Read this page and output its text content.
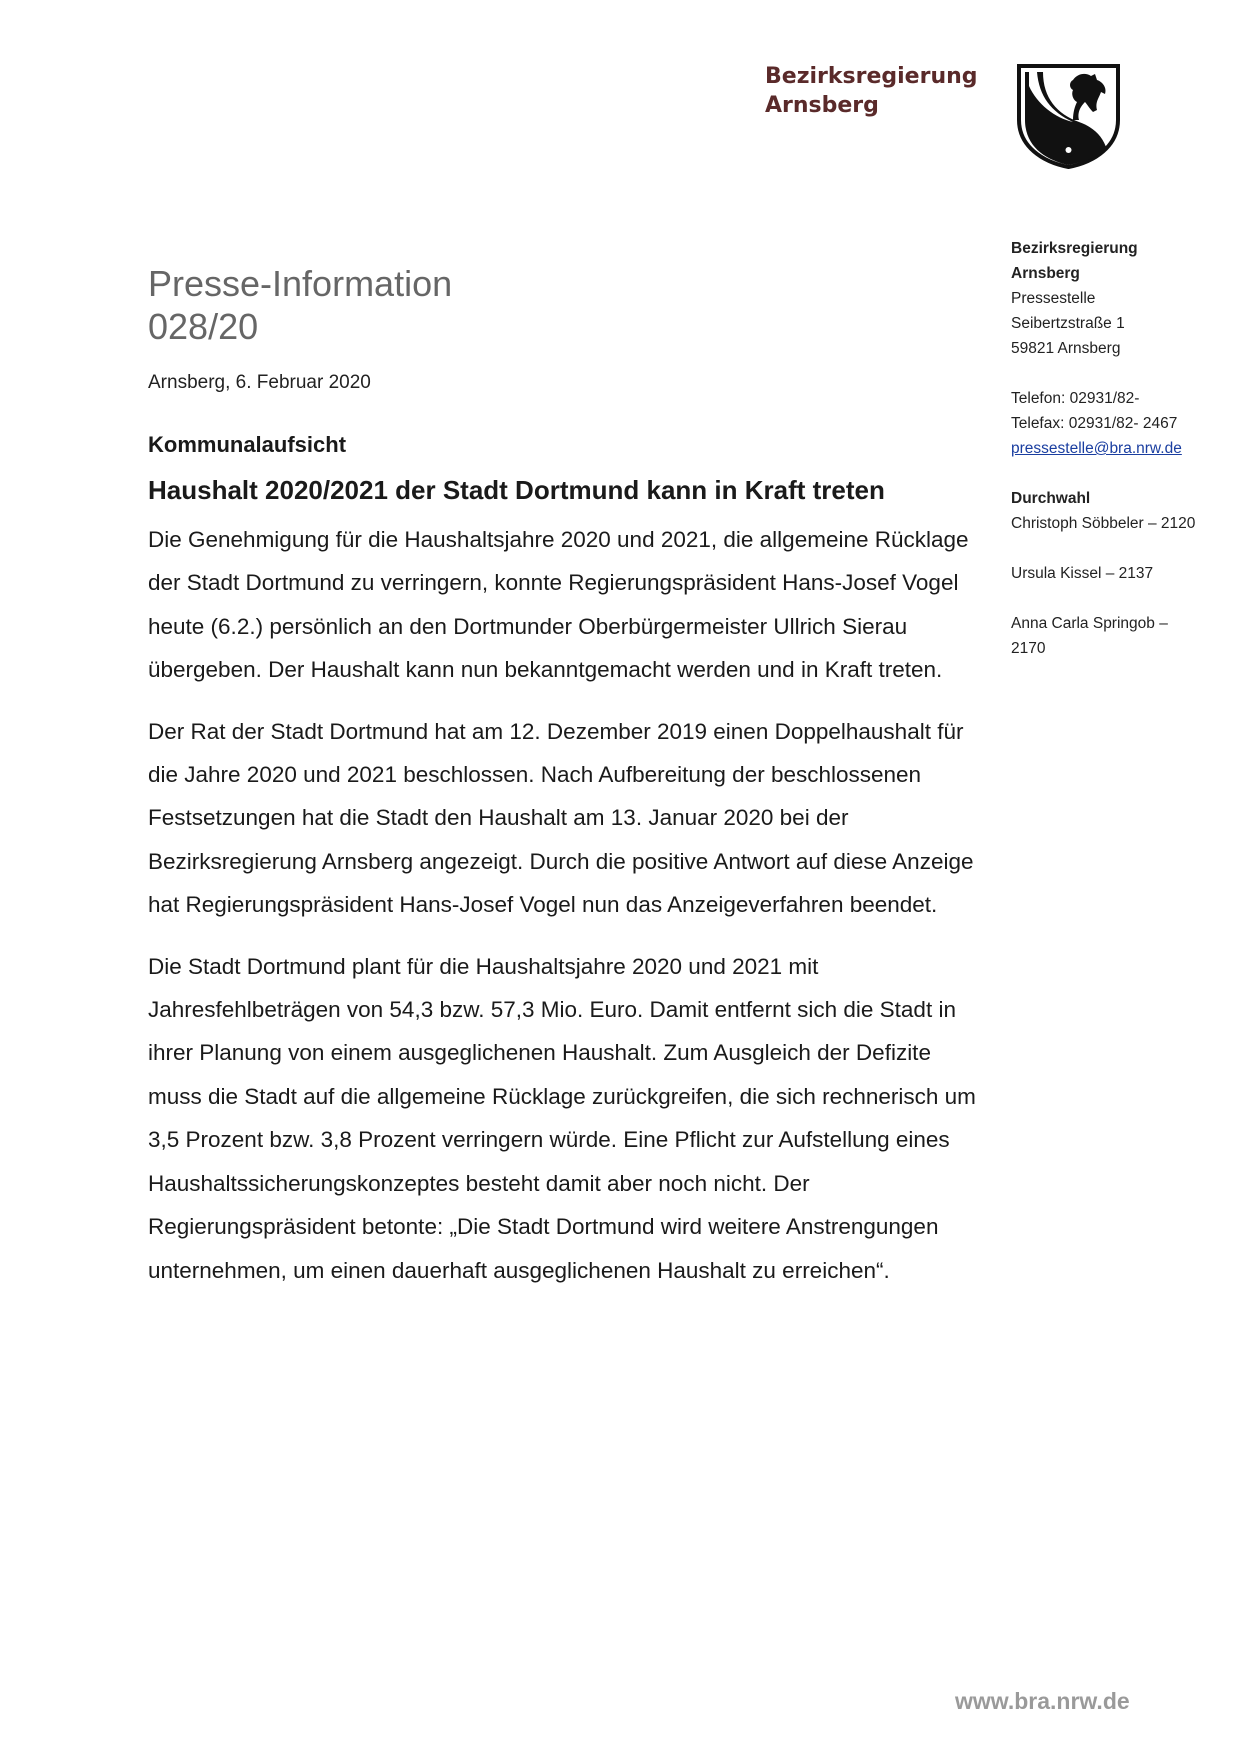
Bezirksregierung
Arnsberg
Presse-Information
028/20
Arnsberg, 6. Februar 2020
Kommunalaufsicht
Haushalt 2020/2021 der Stadt Dortmund kann in Kraft treten

Die Genehmigung für die Haushaltsjahre 2020 und 2021, die allgemeine Rücklage der Stadt Dortmund zu verringern, konnte Regierungspräsident Hans-Josef Vogel heute (6.2.) persönlich an den Dortmunder Oberbürgermeister Ullrich Sierau übergeben. Der Haushalt kann nun bekanntgemacht werden und in Kraft treten.

Der Rat der Stadt Dortmund hat am 12. Dezember 2019 einen Doppelhaushalt für die Jahre 2020 und 2021 beschlossen. Nach Aufbereitung der beschlossenen Festsetzungen hat die Stadt den Haushalt am 13. Januar 2020 bei der Bezirksregierung Arnsberg angezeigt. Durch die positive Antwort auf diese Anzeige hat Regierungspräsident Hans-Josef Vogel nun das Anzeigeverfahren beendet.

Die Stadt Dortmund plant für die Haushaltsjahre 2020 und 2021 mit Jahresfehlbeträgen von 54,3 bzw. 57,3 Mio. Euro. Damit entfernt sich die Stadt in ihrer Planung von einem ausgeglichenen Haushalt. Zum Ausgleich der Defizite muss die Stadt auf die allgemeine Rücklage zurückgreifen, die sich rechnerisch um 3,5 Prozent bzw. 3,8 Prozent verringern würde. Eine Pflicht zur Aufstellung eines Haushaltssicherungskonzeptes besteht damit aber noch nicht. Der Regierungspräsident betonte: „Die Stadt Dortmund wird weitere Anstrengungen unternehmen, um einen dauerhaft ausgeglichenen Haushalt zu erreichen“.

Bezirksregierung
Arnsberg
Pressestelle
Seibertzstraße 1
59821 Arnsberg
Telefon: 02931/82-
Telefax: 02931/82- 2467
pressestelle@bra.nrw.de
Durchwahl
Christoph Söbbeler – 2120
Ursula Kissel – 2137
Anna Carla Springob –
2170
www.bra.nrw.de
